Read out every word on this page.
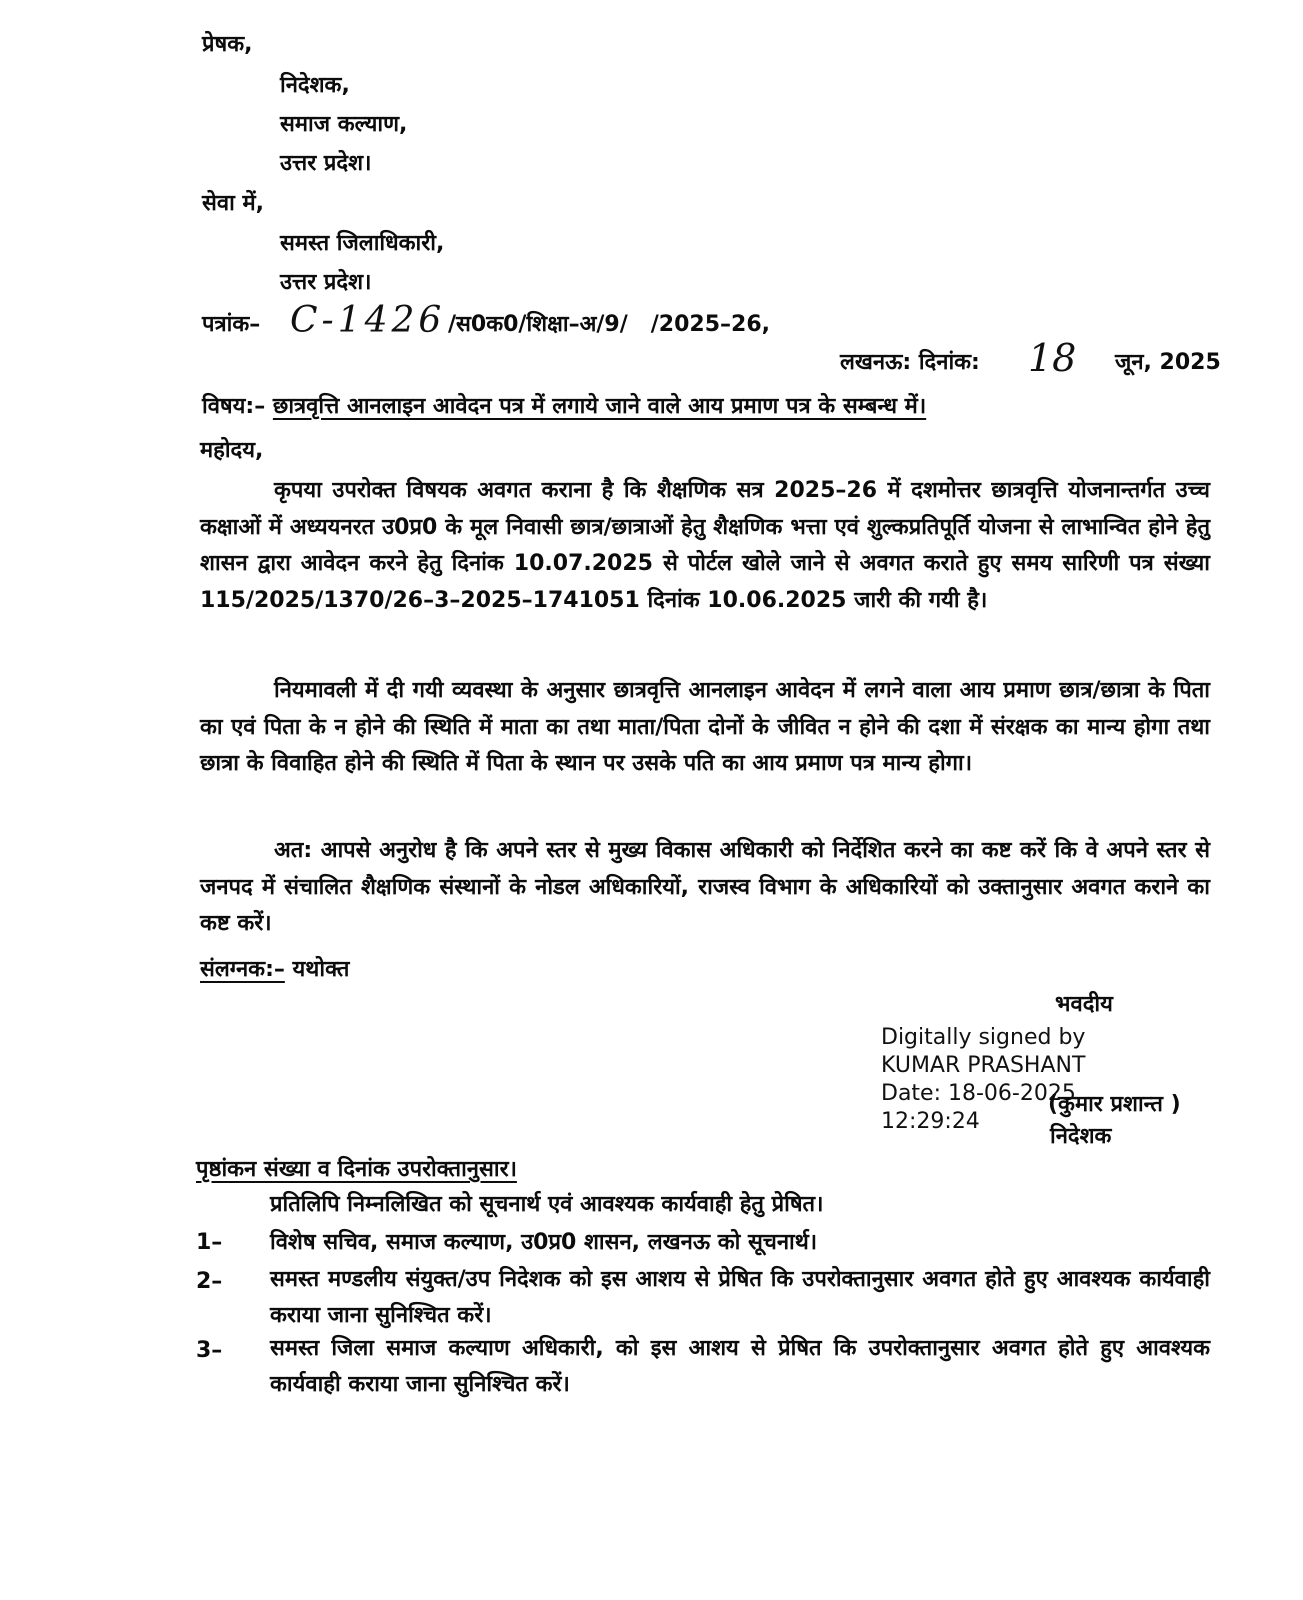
प्रेषक,
निदेशक,
समाज कल्याण,
उत्तर प्रदेश।
सेवा में,
समस्त जिलाधिकारी,
उत्तर प्रदेश।
पत्रांक– C-1426 /स0क0/शिक्षा–अ/9/   /2025–26,
लखनऊ: दिनांक: 18 जून, 2025
विषय:– छात्रवृत्ति आनलाइन आवेदन पत्र में लगाये जाने वाले आय प्रमाण पत्र के सम्बन्ध में।
महोदय,
कृपया उपरोक्त विषयक अवगत कराना है कि शैक्षणिक सत्र 2025–26 में दशमोत्तर छात्रवृत्ति योजनान्तर्गत उच्च कक्षाओं में अध्ययनरत उ0प्र0 के मूल निवासी छात्र/छात्राओं हेतु शैक्षणिक भत्ता एवं शुल्कप्रतिपूर्ति योजना से लाभान्वित होने हेतु शासन द्वारा आवेदन करने हेतु दिनांक 10.07.2025 से पोर्टल खोले जाने से अवगत कराते हुए समय सारिणी पत्र संख्या 115/2025/1370/26–3–2025–1741051 दिनांक 10.06.2025 जारी की गयी है।
नियमावली में दी गयी व्यवस्था के अनुसार छात्रवृत्ति आनलाइन आवेदन में लगने वाला आय प्रमाण छात्र/छात्रा के पिता का एवं पिता के न होने की स्थिति में माता का तथा माता/पिता दोनों के जीवित न होने की दशा में संरक्षक का मान्य होगा तथा छात्रा के विवाहित होने की स्थिति में पिता के स्थान पर उसके पति का आय प्रमाण पत्र मान्य होगा।
अत: आपसे अनुरोध है कि अपने स्तर से मुख्य विकास अधिकारी को निर्देशित करने का कष्ट करें कि वे अपने स्तर से जनपद में संचालित शैक्षणिक संस्थानों के नोडल अधिकारियों, राजस्व विभाग के अधिकारियों को उक्तानुसार अवगत कराने का कष्ट करें।
संलग्नक:– यथोक्त
भवदीय
Digitally signed by
KUMAR PRASHANT
Date: 18-06-2025
12:29:24
(कुमार प्रशान्त )
निदेशक
पृष्ठांकन संख्या व दिनांक उपरोक्तानुसार।
प्रतिलिपि निम्नलिखित को सूचनार्थ एवं आवश्यक कार्यवाही हेतु प्रेषित।
1– विशेष सचिव, समाज कल्याण, उ0प्र0 शासन, लखनऊ को सूचनार्थ।
2– समस्त मण्डलीय संयुक्त/उप निदेशक को इस आशय से प्रेषित कि उपरोक्तानुसार अवगत होते हुए आवश्यक कार्यवाही कराया जाना सुनिश्चित करें।
3– समस्त जिला समाज कल्याण अधिकारी, को इस आशय से प्रेषित कि उपरोक्तानुसार अवगत होते हुए आवश्यक कार्यवाही कराया जाना सुनिश्चित करें।
